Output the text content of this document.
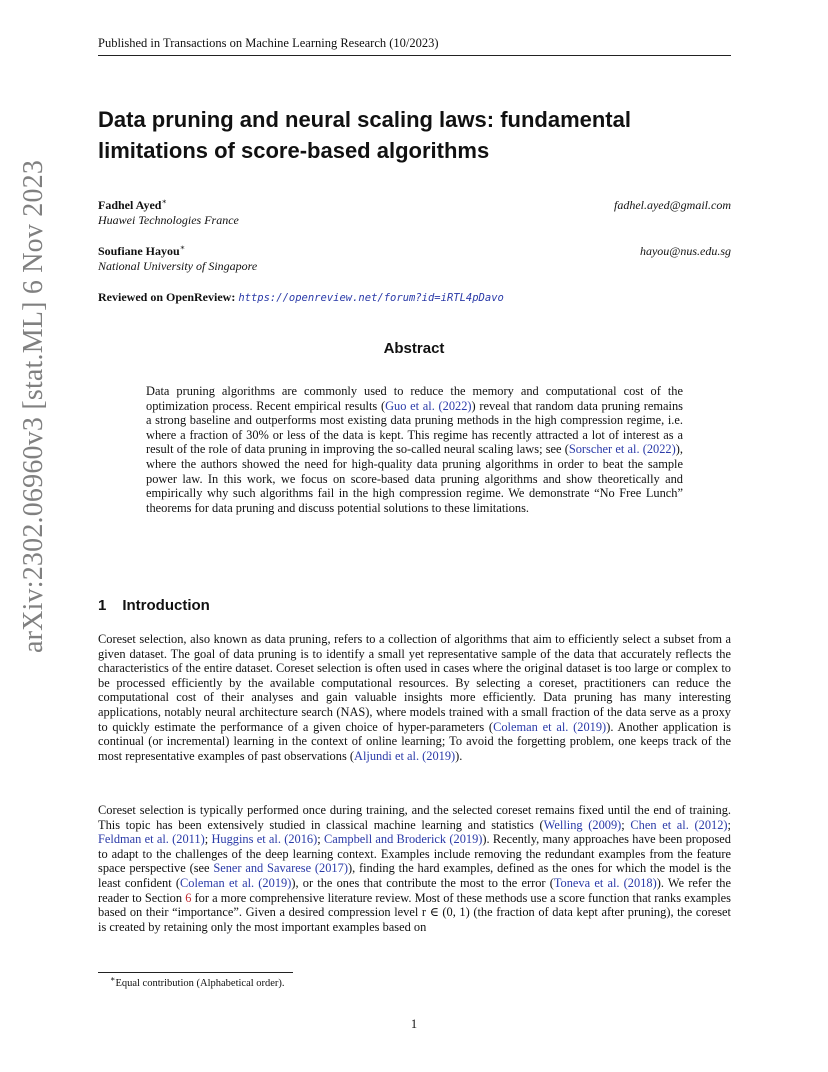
Published in Transactions on Machine Learning Research (10/2023)
arXiv:2302.06960v3 [stat.ML] 6 Nov 2023
Data pruning and neural scaling laws: fundamental limitations of score-based algorithms
Fadhel Ayed∗
Huawei Technologies France
fadhel.ayed@gmail.com
Soufiane Hayou∗
National University of Singapore
hayou@nus.edu.sg
Reviewed on OpenReview: https://openreview.net/forum?id=iRTL4pDavo
Abstract
Data pruning algorithms are commonly used to reduce the memory and computational cost of the optimization process. Recent empirical results (Guo et al. (2022)) reveal that random data pruning remains a strong baseline and outperforms most existing data pruning methods in the high compression regime, i.e. where a fraction of 30% or less of the data is kept. This regime has recently attracted a lot of interest as a result of the role of data pruning in improving the so-called neural scaling laws; see (Sorscher et al. (2022)), where the authors showed the need for high-quality data pruning algorithms in order to beat the sample power law. In this work, we focus on score-based data pruning algorithms and show theoretically and empirically why such algorithms fail in the high compression regime. We demonstrate “No Free Lunch” theorems for data pruning and discuss potential solutions to these limitations.
1 Introduction
Coreset selection, also known as data pruning, refers to a collection of algorithms that aim to efficiently select a subset from a given dataset. The goal of data pruning is to identify a small yet representative sample of the data that accurately reflects the characteristics of the entire dataset. Coreset selection is often used in cases where the original dataset is too large or complex to be processed efficiently by the available computational resources. By selecting a coreset, practitioners can reduce the computational cost of their analyses and gain valuable insights more efficiently. Data pruning has many interesting applications, notably neural architecture search (NAS), where models trained with a small fraction of the data serve as a proxy to quickly estimate the performance of a given choice of hyper-parameters (Coleman et al. (2019)). Another application is continual (or incremental) learning in the context of online learning; To avoid the forgetting problem, one keeps track of the most representative examples of past observations (Aljundi et al. (2019)).
Coreset selection is typically performed once during training, and the selected coreset remains fixed until the end of training. This topic has been extensively studied in classical machine learning and statistics (Welling (2009); Chen et al. (2012); Feldman et al. (2011); Huggins et al. (2016); Campbell and Broderick (2019)). Recently, many approaches have been proposed to adapt to the challenges of the deep learning context. Examples include removing the redundant examples from the feature space perspective (see Sener and Savarese (2017)), finding the hard examples, defined as the ones for which the model is the least confident (Coleman et al. (2019)), or the ones that contribute the most to the error (Toneva et al. (2018)). We refer the reader to Section 6 for a more comprehensive literature review. Most of these methods use a score function that ranks examples based on their “importance”. Given a desired compression level r ∈ (0, 1) (the fraction of data kept after pruning), the coreset is created by retaining only the most important examples based on
∗Equal contribution (Alphabetical order).
1
